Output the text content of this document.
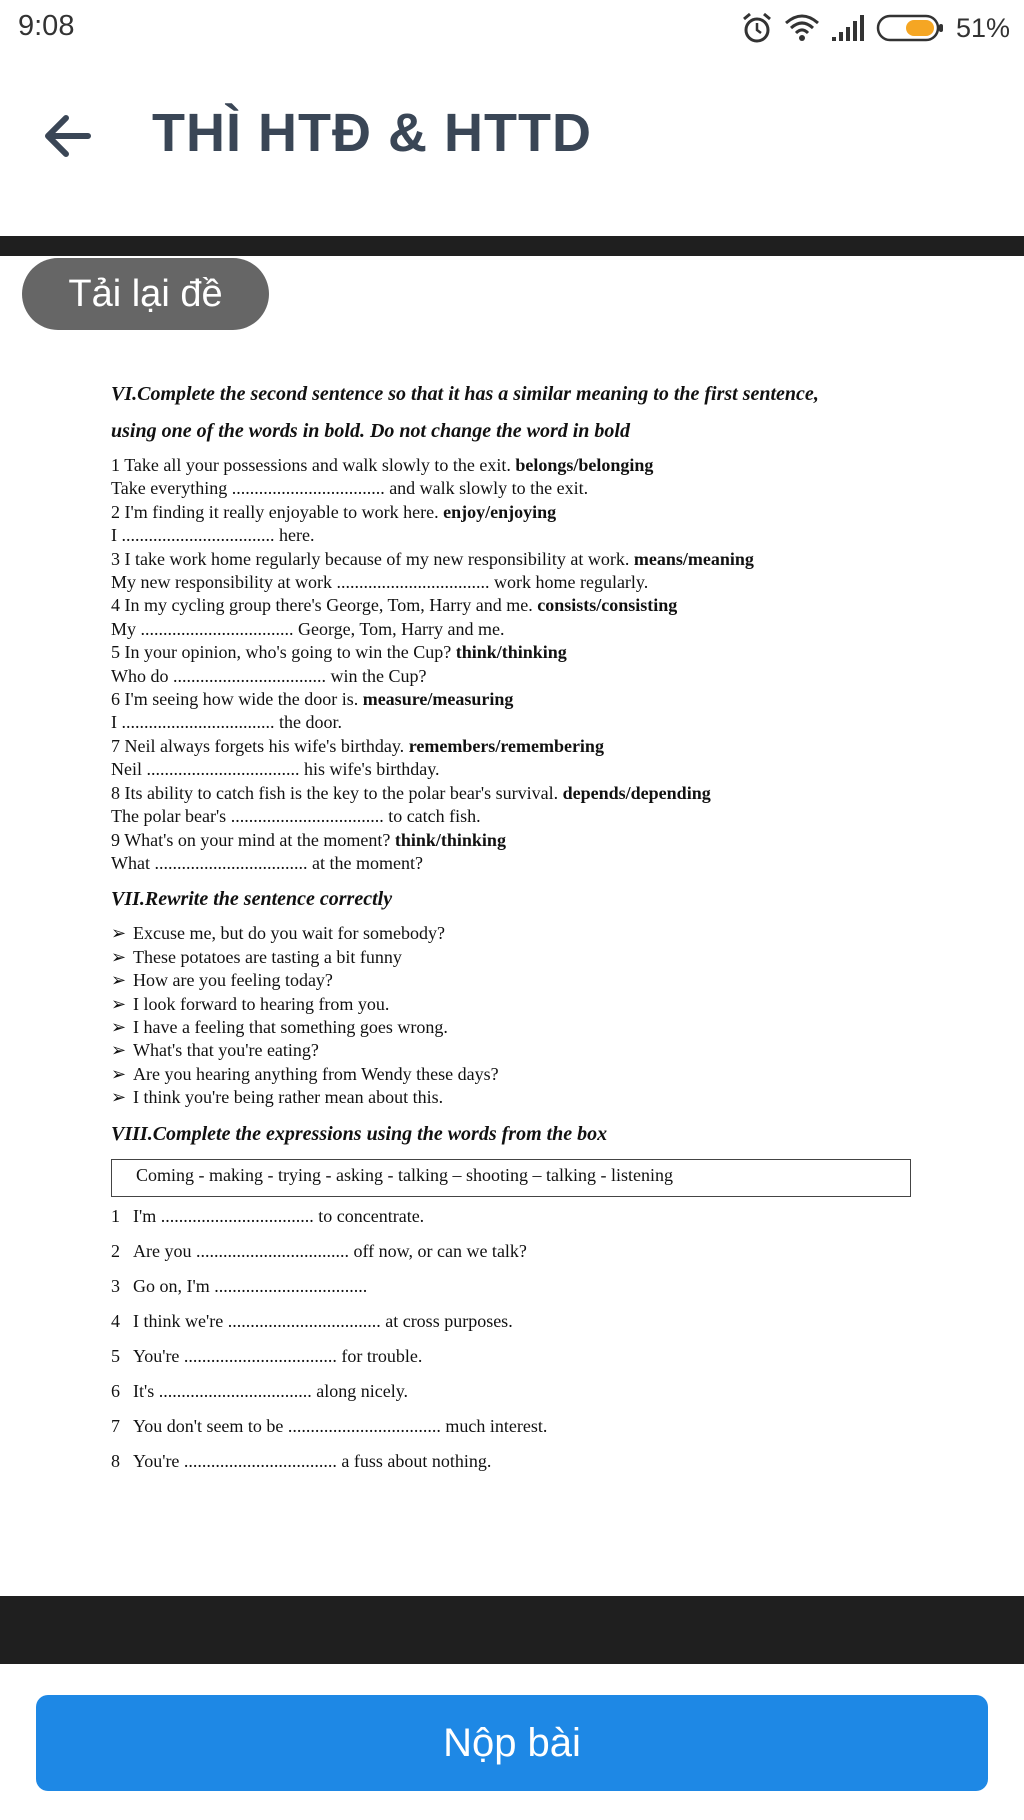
9:08	51%
THÌ HTĐ & HTTD
Tải lại đề
VI.Complete the second sentence so that it has a similar meaning to the first sentence,
using one of the words in bold. Do not change the word in bold
1 Take all your possessions and walk slowly to the exit. belongs/belonging
Take everything .................................. and walk slowly to the exit.
2 I'm finding it really enjoyable to work here. enjoy/enjoying
I .................................. here.
3 I take work home regularly because of my new responsibility at work. means/meaning
My new responsibility at work .................................. work home regularly.
4 In my cycling group there's George, Tom, Harry and me. consists/consisting
My .................................. George, Tom, Harry and me.
5 In your opinion, who's going to win the Cup? think/thinking
Who do .................................. win the Cup?
6 I'm seeing how wide the door is. measure/measuring
I .................................. the door.
7 Neil always forgets his wife's birthday. remembers/remembering
Neil .................................. his wife's birthday.
8 Its ability to catch fish is the key to the polar bear's survival. depends/depending
The polar bear's .................................. to catch fish.
9 What's on your mind at the moment? think/thinking
What .................................. at the moment?
VII.Rewrite the sentence correctly
➢ Excuse me, but do you wait for somebody?
➢ These potatoes are tasting a bit funny
➢ How are you feeling today?
➢ I look forward to hearing from you.
➢ I have a feeling that something goes wrong.
➢ What's that you're eating?
➢ Are you hearing anything from Wendy these days?
➢ I think you're being rather mean about this.
VIII.Complete the expressions using the words from the box
Coming - making - trying - asking - talking – shooting – talking - listening
1 I'm .................................. to concentrate.
2 Are you .................................. off now, or can we talk?
3 Go on, I'm ..................................
4 I think we're .................................. at cross purposes.
5 You're .................................. for trouble.
6 It's .................................. along nicely.
7 You don't seem to be .................................. much interest.
8 You're .................................. a fuss about nothing.
Nộp bài
